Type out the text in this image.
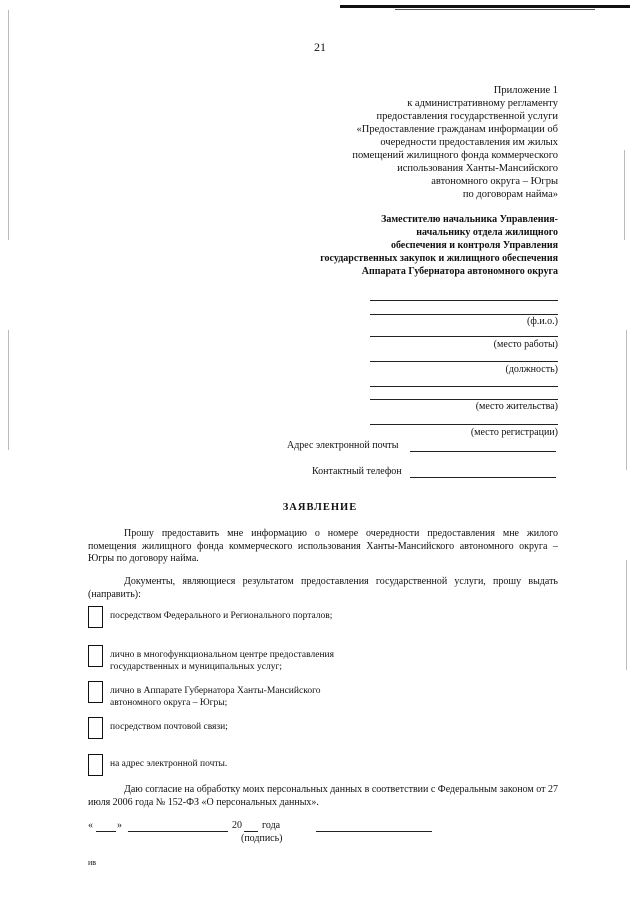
21
Приложение 1
к административному регламенту
предоставления государственной услуги
«Предоставление гражданам информации об
очередности предоставления им жилых
помещений жилищного фонда коммерческого
использования Ханты-Мансийского
автономного округа – Югры
по договорам найма»
Заместителю начальника Управления-
начальнику отдела жилищного
обеспечения и контроля Управления
государственных закупок и жилищного обеспечения
Аппарата Губернатора автономного округа
(ф.и.о.)
(место работы)
(должность)
(место жительства)
(место регистрации)
Адрес электронной почты
Контактный телефон
ЗАЯВЛЕНИЕ
Прошу предоставить мне информацию о номере очередности предоставления мне жилого помещения жилищного фонда коммерческого использования Ханты-Мансийского автономного округа – Югры по договору найма.
Документы, являющиеся результатом предоставления государственной услуги, прошу выдать (направить):
посредством Федерального и Регионального порталов;
лично в многофункциональном центре предоставления
государственных и муниципальных услуг;
лично в Аппарате Губернатора Ханты-Мансийского
автономного округа – Югры;
посредством почтовой связи;
на адрес электронной почты.
Даю согласие на обработку моих персональных данных в соответствии с Федеральным законом от 27 июля 2006 года № 152-ФЗ «О персональных данных».
« »	20 года
(подпись)
ив
